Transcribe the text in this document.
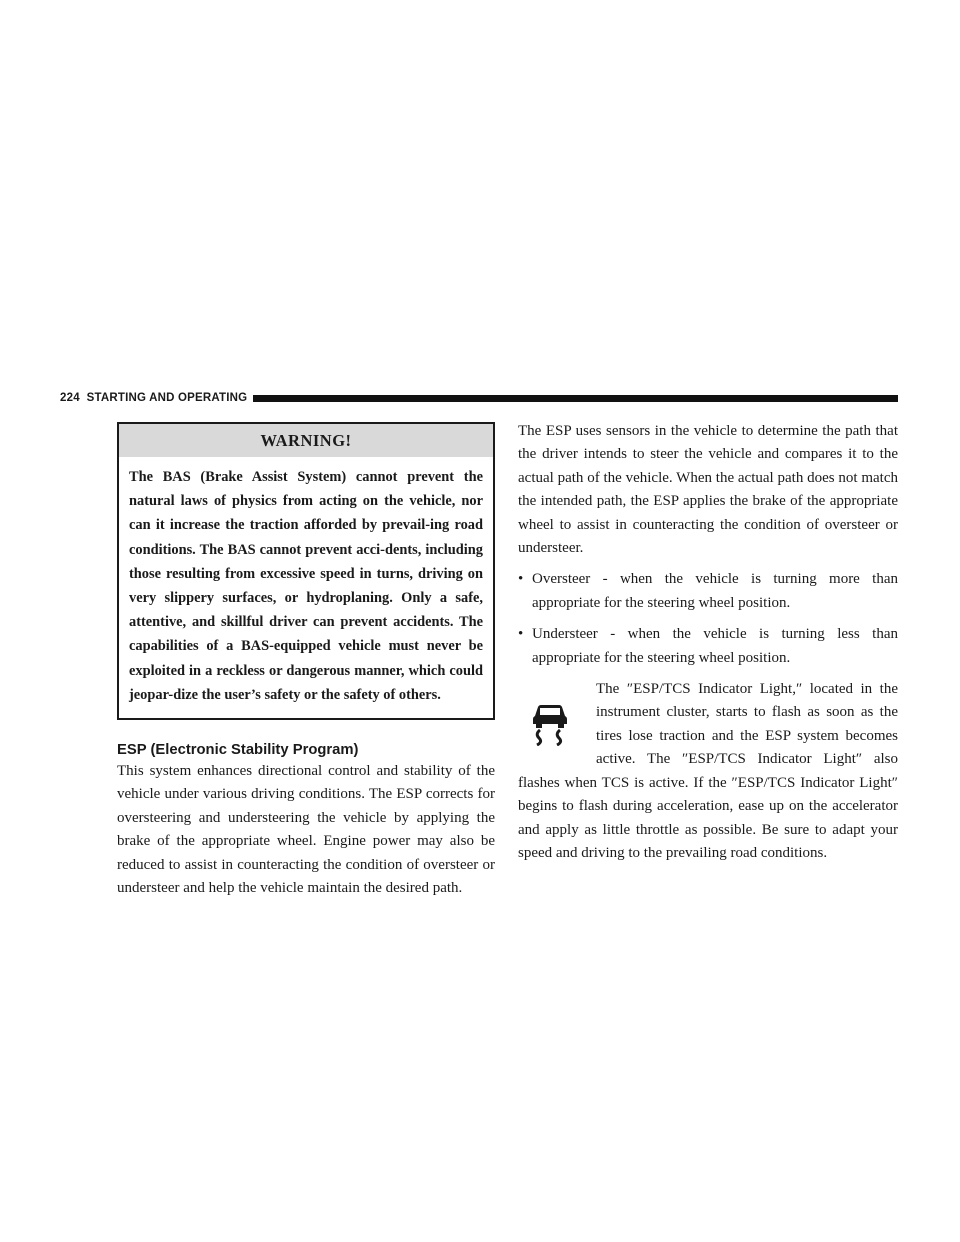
224 STARTING AND OPERATING
WARNING!

The BAS (Brake Assist System) cannot prevent the natural laws of physics from acting on the vehicle, nor can it increase the traction afforded by prevail-ing road conditions. The BAS cannot prevent acci-dents, including those resulting from excessive speed in turns, driving on very slippery surfaces, or hydroplaning. Only a safe, attentive, and skillful driver can prevent accidents. The capabilities of a BAS-equipped vehicle must never be exploited in a reckless or dangerous manner, which could jeopar-dize the user’s safety or the safety of others.

ESP (Electronic Stability Program)

This system enhances directional control and stability of the vehicle under various driving conditions. The ESP corrects for oversteering and understeering the vehicle by applying the brake of the appropriate wheel. Engine power may also be reduced to assist in counteracting the condition of oversteer or understeer and help the vehicle maintain the desired path.

The ESP uses sensors in the vehicle to determine the path that the driver intends to steer the vehicle and compares it to the actual path of the vehicle. When the actual path does not match the intended path, the ESP applies the brake of the appropriate wheel to assist in counteracting the condition of oversteer or understeer.

• Oversteer - when the vehicle is turning more than appropriate for the steering wheel position.
• Understeer - when the vehicle is turning less than appropriate for the steering wheel position.
The ″ESP/TCS Indicator Light,″ located in the instrument cluster, starts to flash as soon as the tires lose traction and the ESP system becomes active. The ″ESP/TCS Indicator Light″ also flashes when TCS is active. If the ″ESP/TCS Indicator Light″ begins to flash during acceleration, ease up on the accelerator and apply as little throttle as possible. Be sure to adapt your speed and driving to the prevailing road conditions.
